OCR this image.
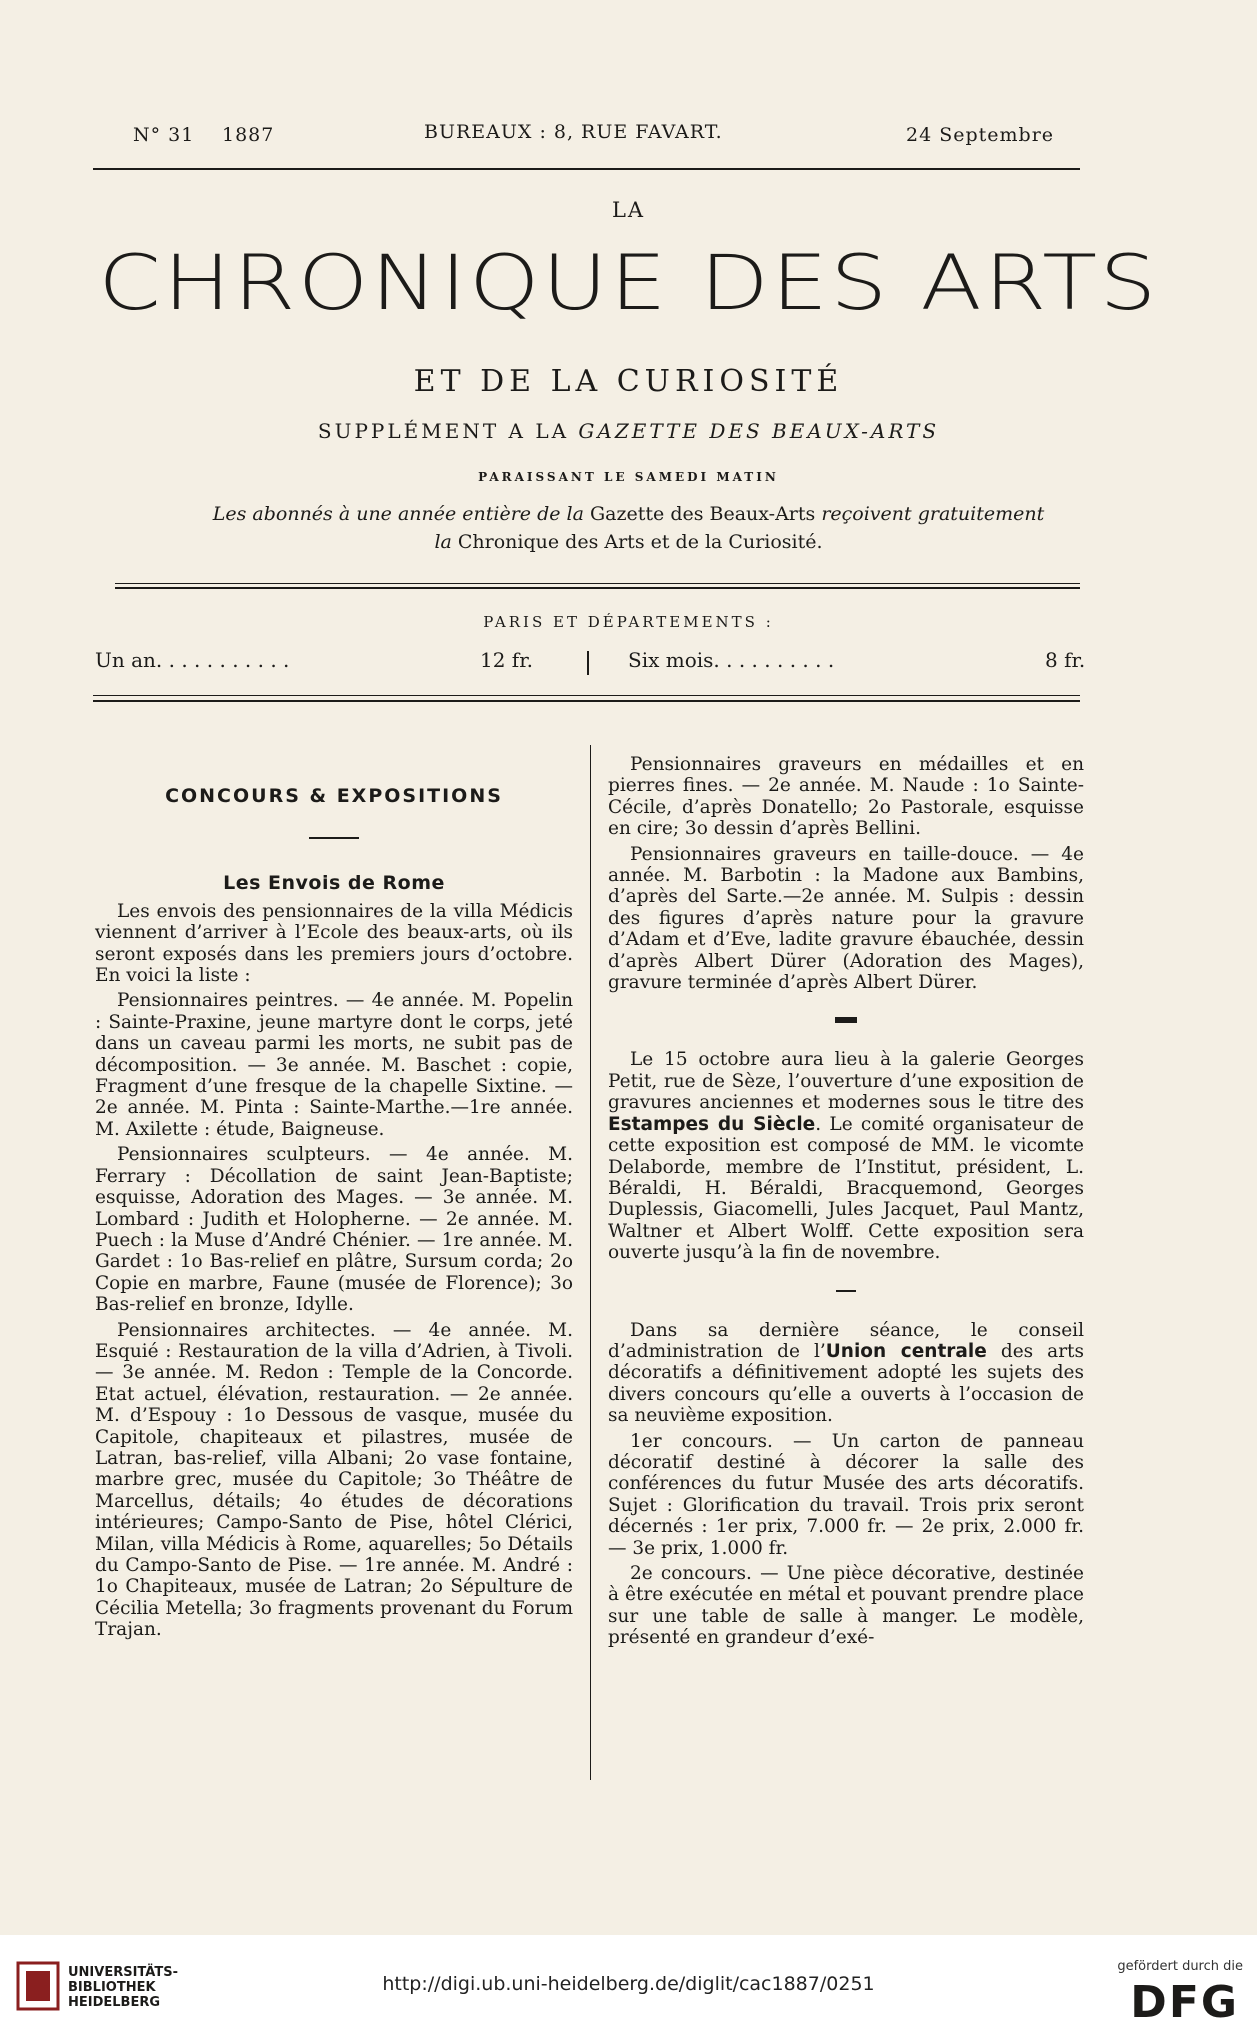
N° 31 1887	BUREAUX : 8, RUE FAVART.	24 Septembre
LA
CHRONIQUE DES ARTS
ET DE LA CURIOSITÉ
SUPPLÉMENT A LA GAZETTE DES BEAUX-ARTS
PARAISSANT LE SAMEDI MATIN
Les abonnés à une année entière de la Gazette des Beaux-Arts reçoivent gratuitement
la Chronique des Arts et de la Curiosité.
PARIS ET DÉPARTEMENTS :
Un an. . . . . . . . . . .	12 fr.	Six mois. . . . . . . . . .	8 fr.
CONCOURS & EXPOSITIONS
Les Envois de Rome

Les envois des pensionnaires de la villa Médicis viennent d’arriver à l’Ecole des beaux-arts, où ils seront exposés dans les premiers jours d’octobre. En voici la liste :

Pensionnaires peintres. — 4e année. M. Popelin : Sainte-Praxine, jeune martyre dont le corps, jeté dans un caveau parmi les morts, ne subit pas de décomposition. — 3e année. M. Baschet : copie, Fragment d’une fresque de la chapelle Sixtine. — 2e année. M. Pinta : Sainte-Marthe.—1re année. M. Axilette : étude, Baigneuse.

Pensionnaires sculpteurs. — 4e année. M. Ferrary : Décollation de saint Jean-Baptiste; esquisse, Adoration des Mages. — 3e année. M. Lombard : Judith et Holopherne. — 2e année. M. Puech : la Muse d’André Chénier. — 1re année. M. Gardet : 1o Bas-relief en plâtre, Sursum corda; 2o Copie en marbre, Faune (musée de Florence); 3o Bas-relief en bronze, Idylle.

Pensionnaires architectes. — 4e année. M. Esquié : Restauration de la villa d’Adrien, à Tivoli. — 3e année. M. Redon : Temple de la Concorde. Etat actuel, élévation, restauration. — 2e année. M. d’Espouy : 1o Dessous de vasque, musée du Capitole, chapiteaux et pilastres, musée de Latran, bas-relief, villa Albani; 2o vase fontaine, marbre grec, musée du Capitole; 3o Théâtre de Marcellus, détails; 4o études de décorations intérieures; Campo-Santo de Pise, hôtel Clérici, Milan, villa Médicis à Rome, aquarelles; 5o Détails du Campo-Santo de Pise. — 1re année. M. André : 1o Chapiteaux, musée de Latran; 2o Sépulture de Cécilia Metella; 3o fragments provenant du Forum Trajan.

Pensionnaires graveurs en médailles et en pierres fines. — 2e année. M. Naude : 1o Sainte-Cécile, d’après Donatello; 2o Pastorale, esquisse en cire; 3o dessin d’après Bellini.

Pensionnaires graveurs en taille-douce. — 4e année. M. Barbotin : la Madone aux Bambins, d’après del Sarte.—2e année. M. Sulpis : dessin des figures d’après nature pour la gravure d’Adam et d’Eve, ladite gravure ébauchée, dessin d’après Albert Dürer (Adoration des Mages), gravure terminée d’après Albert Dürer.

Le 15 octobre aura lieu à la galerie Georges Petit, rue de Sèze, l’ouverture d’une exposition de gravures anciennes et modernes sous le titre des Estampes du Siècle. Le comité organisateur de cette exposition est composé de MM. le vicomte Delaborde, membre de l’Institut, président, L. Béraldi, H. Béraldi, Bracquemond, Georges Duplessis, Giacomelli, Jules Jacquet, Paul Mantz, Waltner et Albert Wolff. Cette exposition sera ouverte jusqu’à la fin de novembre.

Dans sa dernière séance, le conseil d’administration de l’Union centrale des arts décoratifs a définitivement adopté les sujets des divers concours qu’elle a ouverts à l’occasion de sa neuvième exposition.

1er concours. — Un carton de panneau décoratif destiné à décorer la salle des conférences du futur Musée des arts décoratifs. Sujet : Glorification du travail. Trois prix seront décernés : 1er prix, 7.000 fr. — 2e prix, 2.000 fr. — 3e prix, 1.000 fr.

2e concours. — Une pièce décorative, destinée à être exécutée en métal et pouvant prendre place sur une table de salle à manger. Le modèle, présenté en grandeur d’exé-

UNIVERSITÄTS-
BIBLIOTHEK
HEIDELBERG
http://digi.ub.uni-heidelberg.de/diglit/cac1887/0251
gefördert durch die
DFG
